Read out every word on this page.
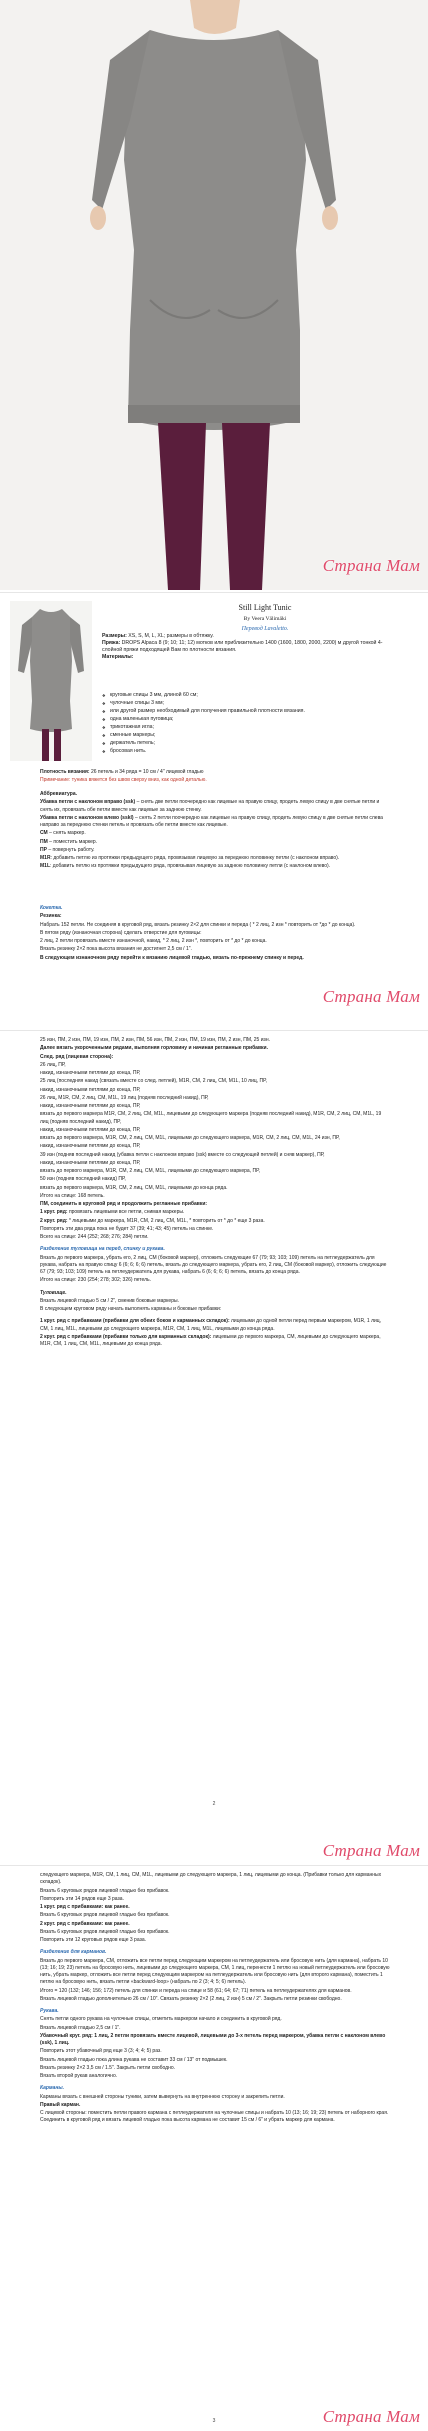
Страна Мам
Still Light Tunic
By Veera Välimäki
Перевод Lavaletto.

Размеры: XS, S, M, L, XL; размеры в обтяжку.

Пряжа: DROPS Alpaca 8 (9; 10; 11; 12) мотков или приблизительно 1400 (1600, 1800, 2000, 2200) м другой тонкой 4-слойной пряжи подходящей Вам по плотности вязания.

Материалы:

❖ круговые спицы 3 мм, длиной 60 см;
❖ чулочные спицы 3 мм;
❖ или другой размер необходимый для получения правильной плотности вязания.
❖ одна маленькая пуговица;
❖ трикотажная игла;
❖ сменные маркеры;
❖ держатель петель;
❖ бросовая нить.

Плотность вязания: 26 петель и 34 ряда = 10 см / 4" лицевой гладью

Примечание: туника вяжется без швов сверху вниз, как одной деталью.

Аббревиатура.

Убавка петли с наклоном вправо (ssk) – снять две петли поочередно как лицевые на правую спицу, продеть левую спицу в две снятые петли и снять их, провязать обе петли вместе как лицевые за заднюю стенку.

Убавка петли с наклоном влево (sskl) – снять 2 петли поочередно как лицевые на правую спицу, продеть левую спицу в две снятые петли слева направо за переднюю стенки петель и провязать обе петли вместе как лицевые.

СМ – снять маркер.

ПМ – поместить маркер.

ПР – повернуть работу.

M1R: добавить петлю из протяжки предыдущего ряда, провязывая лицевую за переднюю половинку петли (с наклоном вправо).

M1L: добавить петлю из протяжки предыдущего ряда, провязывая лицевую за заднюю половинку петли (с наклоном влево).

Кокетка.

Резинка:

Набрать 152 петли. Не соединяя в круговой ряд, вязать резинку 2×2 для спинки и переда ( * 2 лиц, 2 изн * повторить от *до * до конца).

В пятом ряду (изнаночная сторона) сделать отверстие для пуговицы:

2 лиц, 2 петли провязать вместе изнаночной, накид, * 2 лиц, 2 изн *, повторить от * до * до конца.

Вязать резинку 2×2 пока высота вязания не достигнет 2,5 см / 1".

В следующем изнаночном ряду перейти к вязанию лицевой гладью, вязать по-прежнему спинку и перед.

Страна Мам

25 изн, ПМ, 2 изн, ПМ, 19 изн, ПМ, 2 изн, ПМ, 56 изн, ПМ, 2 изн, ПМ, 19 изн, ПМ, 2 изн, ПМ, 25 изн.

Далее вязать укороченными рядами, выполняя горловину и начиная регланные прибавки.

След. ряд (лицевая сторона):

26 лиц, ПР,

накид, изнаночными петлями до конца, ПР,

25 лиц (последняя накид (связать вместе со след. петлей), M1R, СМ, 2 лиц, СМ, M1L, 10 лиц, ПР,

накид, изнаночными петлями до конца, ПР,

26 лиц, M1R, СМ, 2 лиц, СМ, M1L, 19 лиц (подняв последний накид), ПР,

накид, изнаночными петлями до конца, ПР,

вязать до первого маркера M1R, СМ, 2 лиц, СМ, M1L, лицевыми до следующего маркера (подняв последний накид), M1R, СМ, 2 лиц, СМ, M1L, 19 лиц (подняв последний накид), ПР,

накид, изнаночными петлями до конца, ПР,

вязать до первого маркера, M1R, СМ, 2 лиц, СМ, M1L, лицевыми до следующего маркера, M1R, СМ, 2 лиц, СМ, M1L, 24 изн, ПР,

накид, изнаночными петлями до конца, ПР,

39 изн (подняв последний накид (убавка петли с наклоном вправо (ssk) вместе со следующей петлей) и сняв маркер), ПР,

накид, изнаночными петлями до конца, ПР,

вязать до первого маркера, M1R, СМ, 2 лиц, СМ, M1L, лицевыми до следующего маркера, ПР,

50 изн (подняв последний накид) ПР,

вязать до первого маркера, M1R, СМ, 2 лиц, СМ, M1L, лицевыми до конца ряда.

Итого на спице: 168 петель.

ПМ, соединить в круговой ряд и продолжить регланные прибавки:

1 круг. ряд: провязать лицевыми все петли, снимая маркеры.

2 круг. ряд: * лицевыми до маркера, M1R, СМ, 2 лиц, СМ, M1L, * повторить от * до * еще 3 раза.

Повторять эти два ряда пока не будет 37 (39; 41; 43; 45) петель на спинке.

Всего на спице: 244 (252; 268; 276; 284) петли.

Разделение туловища на перед, спинку и рукава.

Вязать до первого маркера, убрать его, 2 лиц, СМ (боковой маркер), отложить следующие 67 (79; 93; 103; 109) петель на петлеудержатель для рукава, набрать на правую спицу 6 (6; 6; 6; 6) петель, вязать до следующего маркера, убрать его, 2 лиц, СМ (боковой маркер), отложить следующие 67 (79; 93; 103; 109) петель на петлеудержатель для рукава, набрать 6 (6; 6; 6; 6) петель, вязать до конца ряда.

Итого на спице: 230 (254; 278; 302; 326) петель.

Туловище.

Вязать лицевой гладью 5 см / 2", сменив боковые маркеры.

В следующем круговом ряду начать выполнять карманы и боковые прибавки:

1 круг. ряд с прибавками (прибавки для обеих боков и карманных складок): лицевыми до одной петли перед первым маркером, M1R, 1 лиц, СМ, 1 лиц, M1L, лицевыми до следующего маркера, M1R, СМ, 1 лиц, M1L, лицевыми до конца ряда.

2 круг. ряд с прибавками (прибавки только для карманных складок): лицевыми до первого маркера, СМ, лицевыми до следующего маркера, M1R, СМ, 1 лиц, СМ, M1L, лицевыми до конца ряда.

2
Страна Мам

следующего маркера, M1R, СМ, 1 лиц, СМ, M1L, лицевыми до следующего маркера, 1 лиц, лицевыми до конца. (Прибавки только для карманных складок).

Вязать 6 круговых рядов лицевой гладью без прибавок.

Повторить эти 14 рядов еще 3 раза.

1 круг. ряд с прибавками: как ранее.

Вязать 6 круговых рядов лицевой гладью без прибавок.

2 круг. ряд с прибавками: как ранее.

Вязать 6 круговых рядов лицевой гладью без прибавок.

Повторить эти 12 круговых рядов еще 3 раза.

Разделение для карманов.

Вязать до первого маркера, СМ, отложить все петли перед следующим маркером на петлеудержатель или бросовую нить (для кармана), набрать 10 (13; 16; 19; 23) петель на бросовую нить, лицевыми до следующего маркера, СМ, 1 лиц, перенести 1 петлю на новый петлеудержатель или бросовую нить, убрать маркер, отложить все петли перед следующим маркером на петлеудержатель или бросовую нить (для второго кармана), поместить 1 петлю на бросовую нить, вязать петли «backward-loop» (набрать по 2 (3; 4; 5; 6) петель).

Итого = 120 (132; 146; 156; 172) петель для спинки и переда на спице и 58 (61; 64; 67; 71) петель на петлеудержателях для карманов.

Вязать лицевой гладью дополнительно 26 см / 10". Связать резинку 2×2 (2 лиц, 2 изн) 5 см / 2". Закрыть петли резинки свободно.

Рукава.

Снять петли одного рукава на чулочные спицы, отметить маркером начало и соединить в круговой ряд.

Вязать лицевой гладью 2,5 см / 1".

Убавочный круг. ряд: 1 лиц, 2 петли провязать вместе лицевой, лицевыми до 3-х петель перед маркером, убавка петли с наклоном влево (ssk), 1 лиц.

Повторить этот убавочный ряд еще 3 (3; 4; 4; 5) раз.

Вязать лицевой гладью пока длина рукава не составит 33 см / 13" от подмышек.

Вязать резинку 2×2 3,5 см / 1.5". Закрыть петли свободно.

Вязать второй рукав аналогично.

Карманы.

Карманы вязать с внешней стороны туники, затем вывернуть на внутреннюю сторону и закрепить петли.

Правый карман.

С лицевой стороны: поместить петли правого кармана с петлеудержателя на чулочные спицы и набрать 10 (13; 16; 19; 23) петель от наборного края. Соединить в круговой ряд и вязать лицевой гладью пока высота кармана не составит 15 см / 6" и убрать маркер для кармана.

3	Страна Мам
